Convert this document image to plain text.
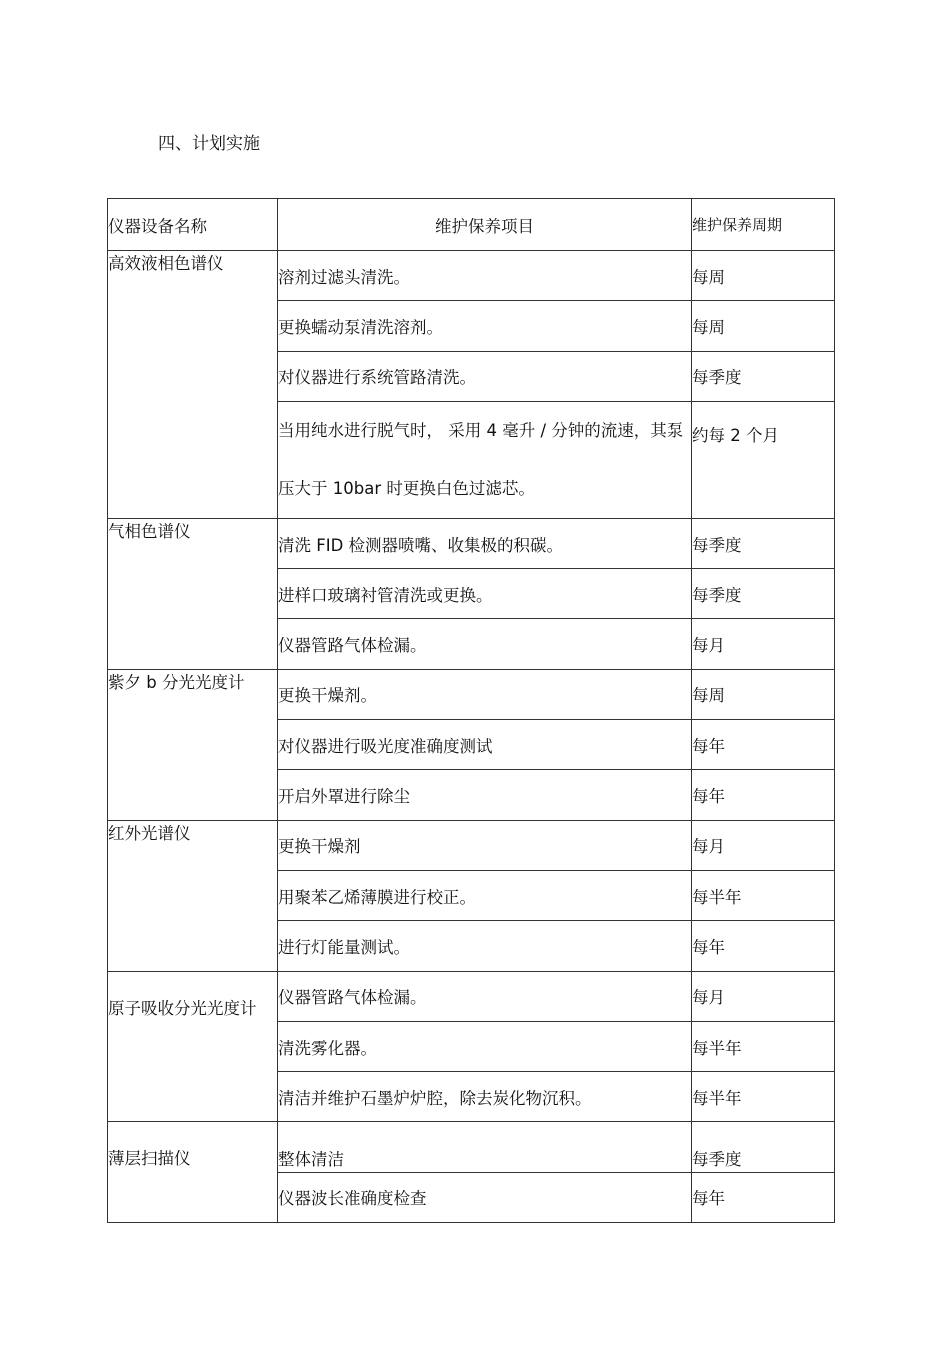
四、计划实施
仪器设备名称	维护保养项目	维护保养周期
高效液相色谱仪	溶剂过滤头清洗。	每周
	更换蠕动泵清洗溶剂。	每周
	对仪器进行系统管路清洗。	每季度
	当用纯水进行脱气时， 采用 4 毫升 / 分钟的流速，其泵压大于 10bar 时更换白色过滤芯。	约每 2 个月
气相色谱仪	清洗 FID 检测器喷嘴、收集极的积碳。	每季度
	进样口玻璃衬管清洗或更换。	每季度
	仪器管路气体检漏。	每月
紫夕 b 分光光度计	更换干燥剂。	每周
	对仪器进行吸光度准确度测试	每年
	开启外罩进行除尘	每年
红外光谱仪	更换干燥剂	每月
	用聚苯乙烯薄膜进行校正。	每半年
	进行灯能量测试。	每年
原子吸收分光光度计	仪器管路气体检漏。	每月
	清洗雾化器。	每半年
	清洁并维护石墨炉炉腔，除去炭化物沉积。	每半年
薄层扫描仪	整体清洁	每季度
	仪器波长准确度检查	每年
